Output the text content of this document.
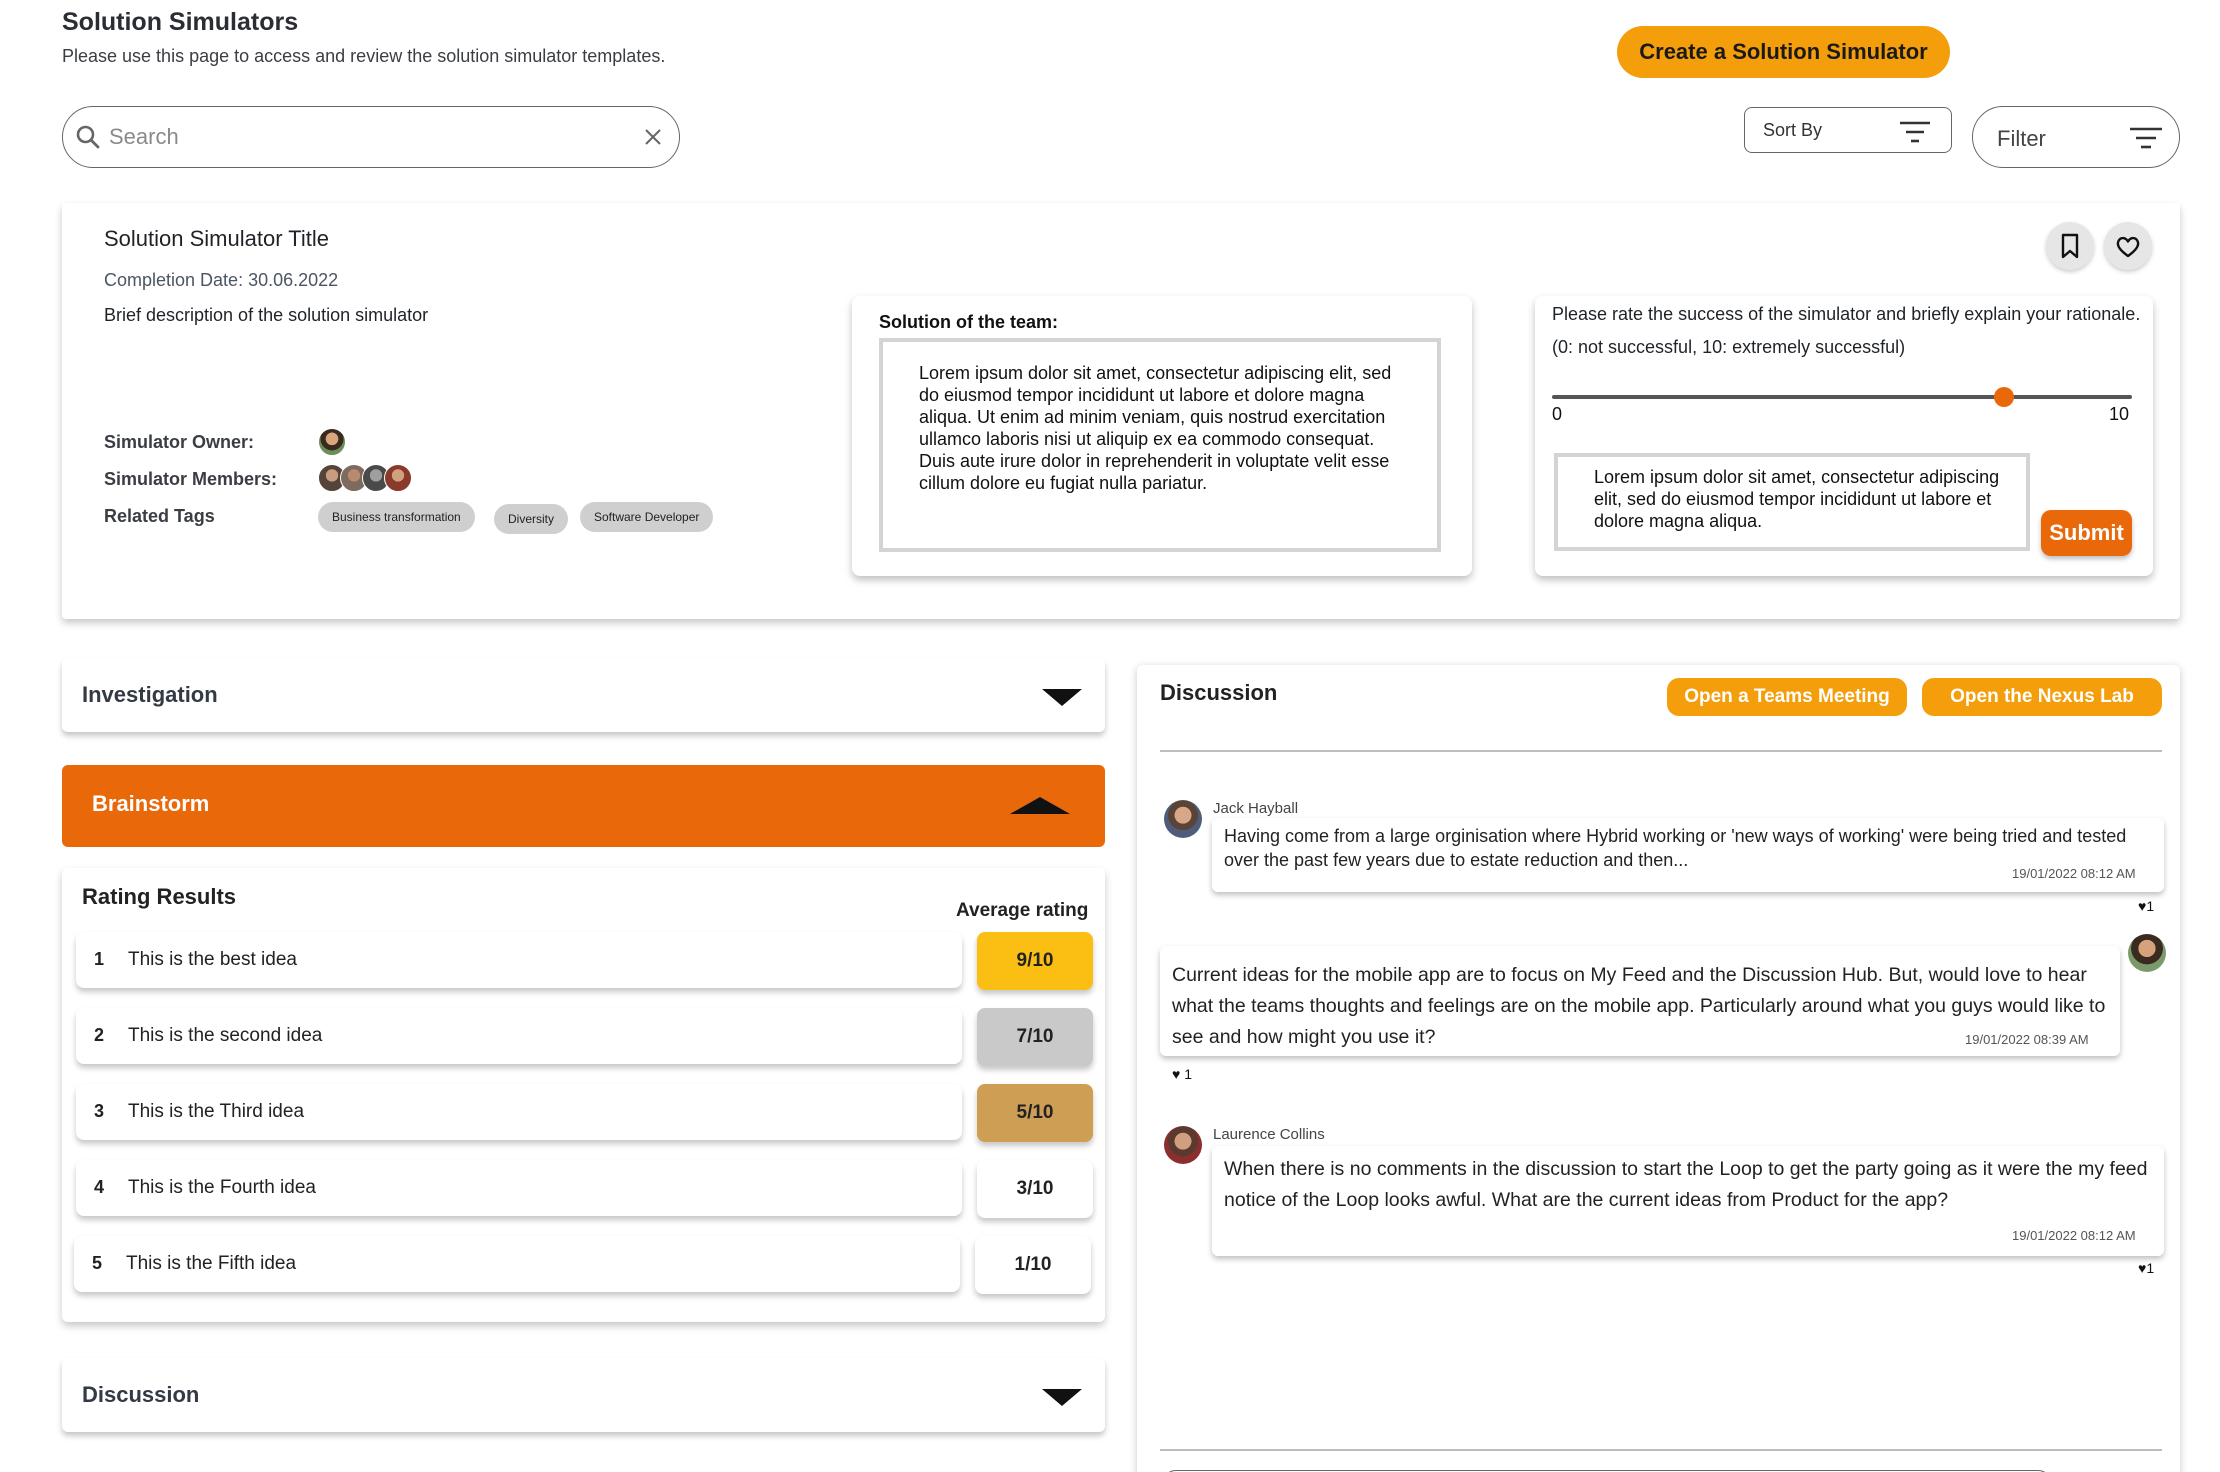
Solution Simulators
Please use this page to access and review the solution simulator templates.	Create a Solution Simulator
Search
Sort By	Filter
Solution Simulator Title
Completion Date: 30.06.2022
Brief description of the solution simulator
Simulator Owner:
Simulator Members:
Related Tags	Business transformation	Diversity	Software Developer
Solution of the team:
Lorem ipsum dolor sit amet, consectetur adipiscing elit, sed do eiusmod tempor incididunt ut labore et dolore magna aliqua. Ut enim ad minim veniam, quis nostrud exercitation ullamco laboris nisi ut aliquip ex ea commodo consequat. Duis aute irure dolor in reprehenderit in voluptate velit esse cillum dolore eu fugiat nulla pariatur.
Please rate the success of the simulator and briefly explain your rationale. (0: not successful, 10: extremely successful)
0	10
Lorem ipsum dolor sit amet, consectetur adipiscing elit, sed do eiusmod tempor incididunt ut labore et dolore magna aliqua.	Submit
Investigation
Brainstorm
Rating Results
Average rating
1 This is the best idea	9/10
2 This is the second idea	7/10
3 This is the Third idea	5/10
4 This is the Fourth idea	3/10
5 This is the Fifth idea	1/10
Discussion
Discussion	Open a Teams Meeting	Open the Nexus Lab
Jack Hayball
Having come from a large orginisation where Hybrid working or 'new ways of working' were being tried and tested over the past few years due to estate reduction and then...
19/01/2022 08:12 AM
♥1
Current ideas for the mobile app are to focus on My Feed and the Discussion Hub. But, would love to hear what the teams thoughts and feelings are on the mobile app. Particularly around what you guys would like to see and how might you use it?	19/01/2022 08:39 AM
♥ 1
Laurence Collins
When there is no comments in the discussion to start the Loop to get the party going as it were the my feed notice of the Loop looks awful. What are the current ideas from Product for the app?
19/01/2022 08:12 AM
♥1
